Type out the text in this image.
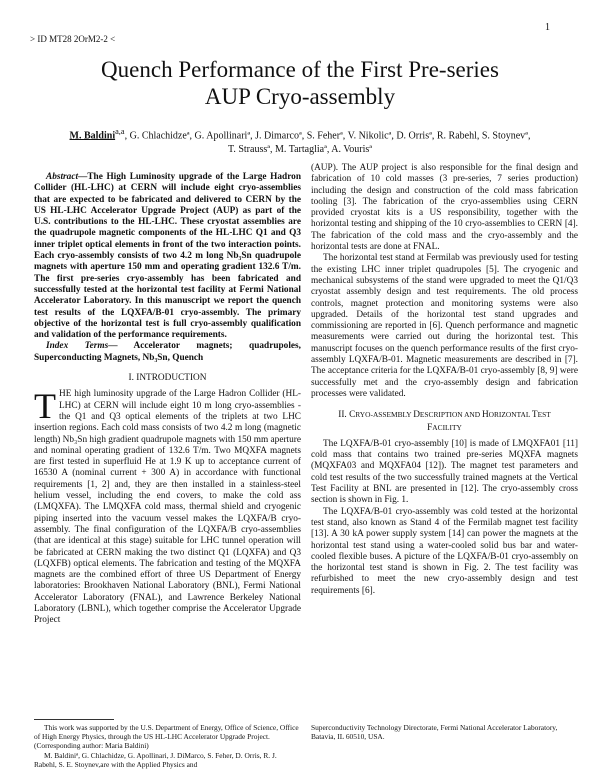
1
> ID MT28 2OrM2-2 <
Quench Performance of the First Pre-series
AUP Cryo-assembly
M. Baldini$^{a,a}$, G. Chlachidzeª, G. Apollinariª, J. Dimarcoª, S. Feherª, V. Nikolicª, D. Orrisª, R. Rabehl, S. Stoynevª,
T. Straussª, M. Tartagliaª, A. Vourisª

Abstract—The High Luminosity upgrade of the Large Hadron Collider (HL-LHC) at CERN will include eight cryo-assemblies that are expected to be fabricated and delivered to CERN by the US HL-LHC Accelerator Upgrade Project (AUP) as part of the U.S. contributions to the HL-LHC. These cryostat assemblies are the quadrupole magnetic components of the HL-LHC Q1 and Q3 inner triplet optical elements in front of the two interaction points. Each cryo-assembly consists of two 4.2 m long Nb₃Sn quadrupole magnets with aperture 150 mm and operating gradient 132.6 T/m. The first pre-series cryo-assembly has been fabricated and successfully tested at the horizontal test facility at Fermi National Accelerator Laboratory. In this manuscript we report the quench test results of the LQXFA/B-01 cryo-assembly. The primary objective of the horizontal test is full cryo-assembly qualification and validation of the performance requirements.

Index Terms— Accelerator magnets; quadrupoles, Superconducting Magnets, Nb₃Sn, Quench

I. INTRODUCTION

THE high luminosity upgrade of the Large Hadron Collider (HL-LHC) at CERN will include eight 10 m long cryo-assemblies - the Q1 and Q3 optical elements of the triplets at two LHC insertion regions. Each cold mass consists of two 4.2 m long (magnetic length) Nb₃Sn high gradient quadrupole magnets with 150 mm aperture and nominal operating gradient of 132.6 T/m. Two MQXFA magnets are first tested in superfluid He at 1.9 K up to acceptance current of 16530 A (nominal current + 300 A) in accordance with functional requirements [1, 2] and, they are then installed in a stainless-steel helium vessel, including the end covers, to make the cold ass (LMQXFA). The LMQXFA cold mass, thermal shield and cryogenic piping inserted into the vacuum vessel makes the LQXFA/B cryo-assembly. The final configuration of the LQXFA/B cryo-assemblies (that are identical at this stage) suitable for LHC tunnel operation will be fabricated at CERN making the two distinct Q1 (LQXFA) and Q3 (LQXFB) optical elements. The fabrication and testing of the MQXFA magnets are the combined effort of three US Department of Energy laboratories: Brookhaven National Laboratory (BNL), Fermi National Accelerator Laboratory (FNAL), and Lawrence Berkeley National Laboratory (LBNL), which together comprise the Accelerator Upgrade Project

(AUP). The AUP project is also responsible for the final design and fabrication of 10 cold masses (3 pre-series, 7 series production) including the design and construction of the cold mass fabrication tooling [3]. The fabrication of the cryo-assemblies using CERN provided cryostat kits is a US responsibility, together with the horizontal testing and shipping of the 10 cryo-assemblies to CERN [4]. The fabrication of the cold mass and the cryo-assembly and the horizontal tests are done at FNAL.

The horizontal test stand at Fermilab was previously used for testing the existing LHC inner triplet quadrupoles [5]. The cryogenic and mechanical subsystems of the stand were upgraded to meet the Q1/Q3 cryostat assembly design and test requirements. The old process controls, magnet protection and monitoring systems were also upgraded. Details of the horizontal test stand upgrades and commissioning are reported in [6]. Quench performance and magnetic measurements were carried out during the horizontal test. This manuscript focuses on the quench performance results of the first cryo-assembly LQXFA/B-01. Magnetic measurements are described in [7]. The acceptance criteria for the LQXFA/B-01 cryo-assembly [8, 9] were successfully met and the cryo-assembly design and fabrication processes were validated.

II. CRYO-ASSEMBLY DESCRIPTION AND HORIZONTAL TEST
FACILITY

The LQXFA/B-01 cryo-assembly [10] is made of LMQXFA01 [11] cold mass that contains two trained pre-series MQXFA magnets (MQXFA03 and MQXFA04 [12]). The magnet test parameters and cold test results of the two successfully trained magnets at the Vertical Test Facility at BNL are presented in [12]. The cryo-assembly cross section is shown in Fig. 1.

The LQXFA/B-01 cryo-assembly was cold tested at the horizontal test stand, also known as Stand 4 of the Fermilab magnet test facility [13]. A 30 kA power supply system [14] can power the magnets at the horizontal test stand using a water-cooled solid bus bar and water-cooled flexible buses. A picture of the LQXFA/B-01 cryo-assembly on the horizontal test stand is shown in Fig. 2. The test facility was refurbished to meet the new cryo-assembly design and test requirements [6].

This work was supported by the U.S. Department of Energy, Office of Science, Office of High Energy Physics, through the US HL-LHC Accelerator Upgrade Project. (Corresponding author: Maria Baldini)

M. Baldiniª, G. Chlachidze, G. Apollinari, J. DiMarco, S. Feher, D. Orris, R. J. Rabehl, S. E. Stoynev,are with the Applied Physics and

Superconductivity Technology Directorate, Fermi National Accelerator Laboratory, Batavia, IL 60510, USA.
